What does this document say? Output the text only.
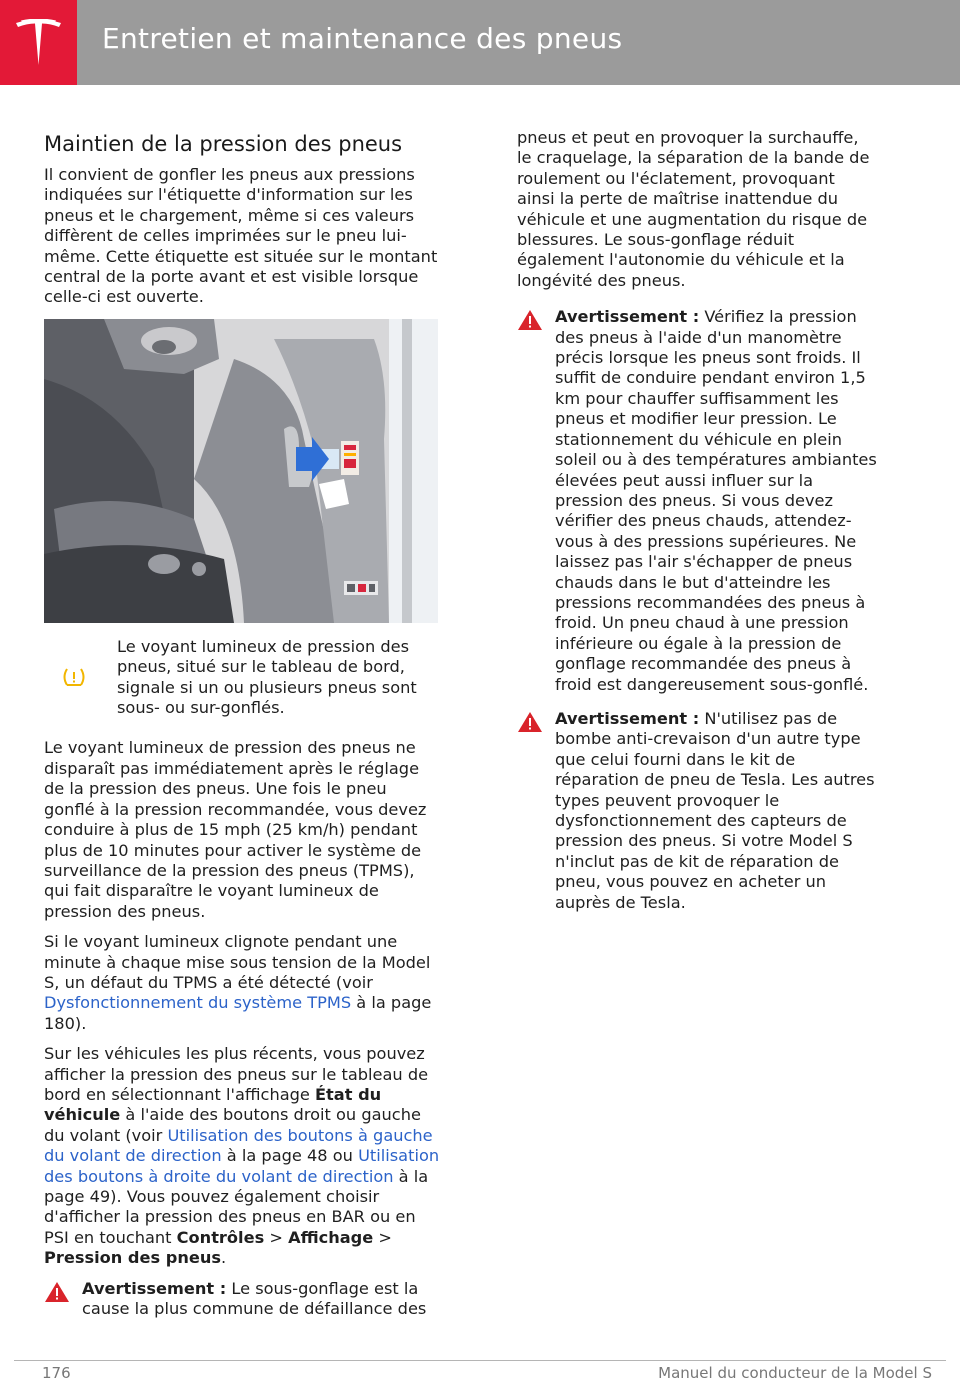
Entretien et maintenance des pneus
Maintien de la pression des pneus

Il convient de gonfler les pneus aux pressions indiquées sur l'étiquette d'information sur les pneus et le chargement, même si ces valeurs diffèrent de celles imprimées sur le pneu lui-même. Cette étiquette est située sur le montant central de la porte avant et est visible lorsque celle-ci est ouverte.

Le voyant lumineux de pression des pneus, situé sur le tableau de bord, signale si un ou plusieurs pneus sont sous- ou sur-gonflés.

Le voyant lumineux de pression des pneus ne disparaît pas immédiatement après le réglage de la pression des pneus. Une fois le pneu gonflé à la pression recommandée, vous devez conduire à plus de 15 mph (25 km/h) pendant plus de 10 minutes pour activer le système de surveillance de la pression des pneus (TPMS), qui fait disparaître le voyant lumineux de pression des pneus.

Si le voyant lumineux clignote pendant une minute à chaque mise sous tension de la Model S, un défaut du TPMS a été détecté (voir Dysfonctionnement du système TPMS à la page 180).

Sur les véhicules les plus récents, vous pouvez afficher la pression des pneus sur le tableau de bord en sélectionnant l'affichage État du véhicule à l'aide des boutons droit ou gauche du volant (voir Utilisation des boutons à gauche du volant de direction à la page 48 ou Utilisation des boutons à droite du volant de direction à la page 49). Vous pouvez également choisir d'afficher la pression des pneus en BAR ou en PSI en touchant Contrôles > Affichage > Pression des pneus.

Avertissement : Le sous-gonflage est la cause la plus commune de défaillance des

pneus et peut en provoquer la surchauffe, le craquelage, la séparation de la bande de roulement ou l'éclatement, provoquant ainsi la perte de maîtrise inattendue du véhicule et une augmentation du risque de blessures. Le sous-gonflage réduit également l'autonomie du véhicule et la longévité des pneus.

Avertissement : Vérifiez la pression des pneus à l'aide d'un manomètre précis lorsque les pneus sont froids. Il suffit de conduire pendant environ 1,5 km pour chauffer suffisamment les pneus et modifier leur pression. Le stationnement du véhicule en plein soleil ou à des températures ambiantes élevées peut aussi influer sur la pression des pneus. Si vous devez vérifier des pneus chauds, attendez-vous à des pressions supérieures. Ne laissez pas l'air s'échapper de pneus chauds dans le but d'atteindre les pressions recommandées des pneus à froid. Un pneu chaud à une pression inférieure ou égale à la pression de gonflage recommandée des pneus à froid est dangereusement sous-gonflé.
Avertissement : N'utilisez pas de bombe anti-crevaison d'un autre type que celui fourni dans le kit de réparation de pneu de Tesla. Les autres types peuvent provoquer le dysfonctionnement des capteurs de pression des pneus. Si votre Model S n'inclut pas de kit de réparation de pneu, vous pouvez en acheter un auprès de Tesla.
176	Manuel du conducteur de la Model S
